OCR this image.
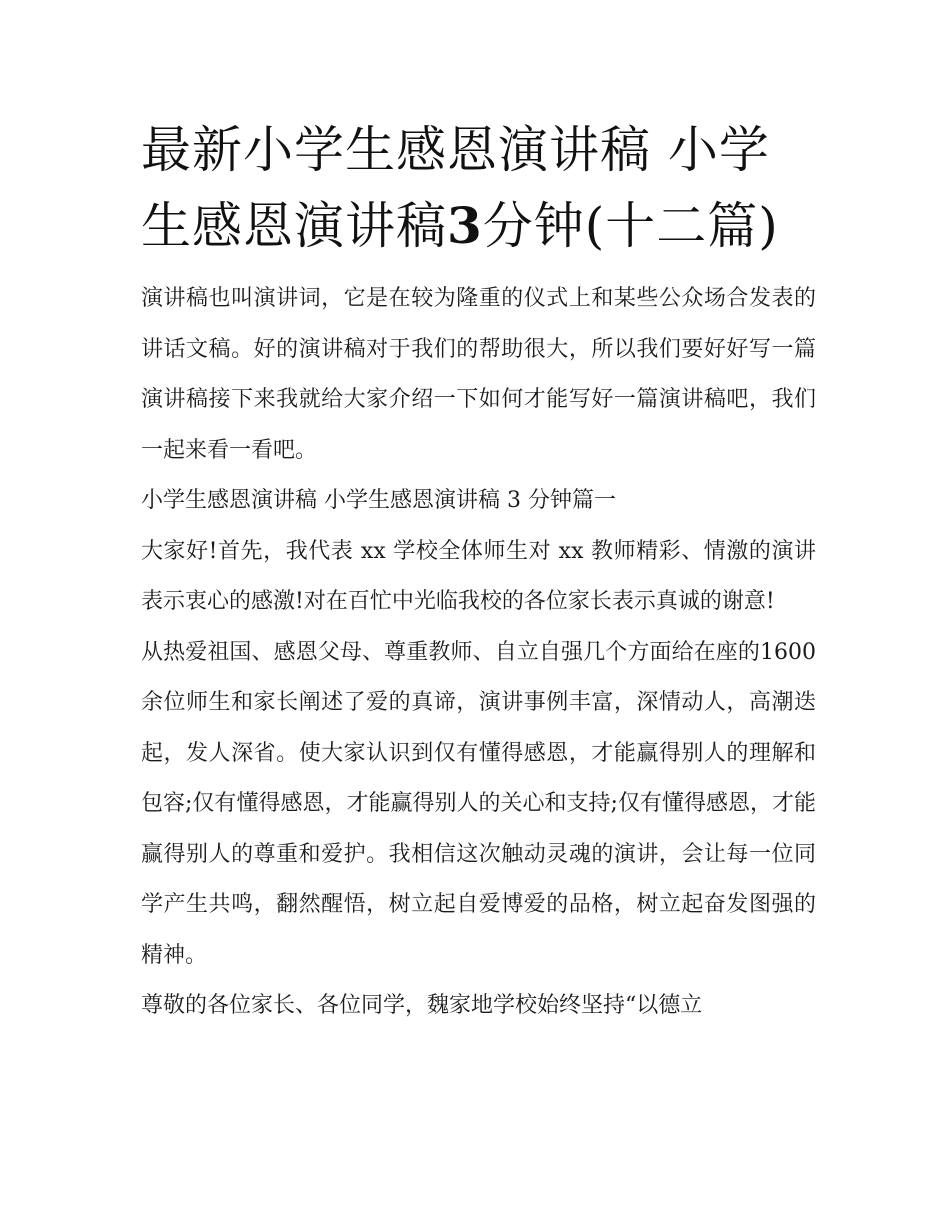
最新小学生感恩演讲稿 小学生感恩演讲稿3分钟(十二篇)

演讲稿也叫演讲词，它是在较为隆重的仪式上和某些公众场合发表的讲话文稿。好的演讲稿对于我们的帮助很大，所以我们要好好写一篇演讲稿接下来我就给大家介绍一下如何才能写好一篇演讲稿吧，我们一起来看一看吧。

小学生感恩演讲稿 小学生感恩演讲稿 3 分钟篇一

大家好!首先，我代表 xx 学校全体师生对 xx 教师精彩、情激的演讲表示衷心的感激!对在百忙中光临我校的各位家长表示真诚的谢意!

从热爱祖国、感恩父母、尊重教师、自立自强几个方面给在座的1600 余位师生和家长阐述了爱的真谛，演讲事例丰富，深情动人，高潮迭起，发人深省。使大家认识到仅有懂得感恩，才能赢得别人的理解和包容;仅有懂得感恩，才能赢得别人的关心和支持;仅有懂得感恩，才能赢得别人的尊重和爱护。我相信这次触动灵魂的演讲，会让每一位同学产生共鸣，翻然醒悟，树立起自爱博爱的品格，树立起奋发图强的精神。

尊敬的各位家长、各位同学，魏家地学校始终坚持“以德立
